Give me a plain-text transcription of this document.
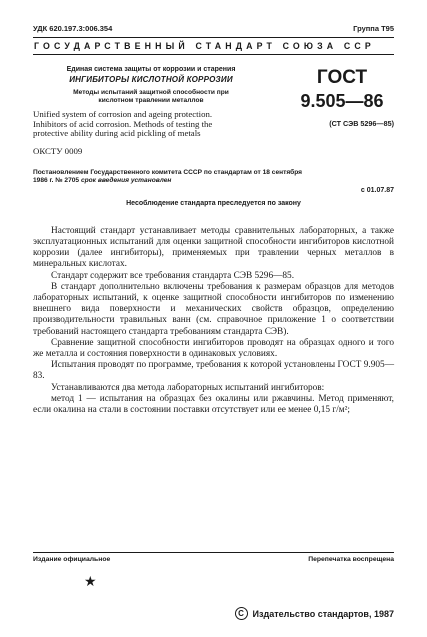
УДК 620.197.3:006.354	Группа Т95
ГОСУДАРСТВЕННЫЙ СТАНДАРТ СОЮЗА ССР
Единая система защиты от коррозии и старения
ИНГИБИТОРЫ КИСЛОТНОЙ КОРРОЗИИ
Методы испытаний защитной способности при
кислотном травлении металлов
Unified system of corrosion and ageing protection.
Inhibitors of acid corrosion. Methods of testing the
protective ability during acid pickling of metals
ОКСТУ 0009
ГОСТ
9.505—86
(СТ СЭВ 5296—85)
Постановлением Государственного комитета СССР по стандартам от 18 сентября
1986 г. № 2705 срок введения установлен
с 01.07.87
Несоблюдение стандарта преследуется по закону

Настоящий стандарт устанавливает методы сравнительных лабораторных, а также эксплуатационных испытаний для оценки защитной способности ингибиторов кислотной коррозии (далее ингибиторы), применяемых при травлении черных металлов в минеральных кислотах.

Стандарт содержит все требования стандарта СЭВ 5296—85.

В стандарт дополнительно включены требования к размерам образцов для методов лабораторных испытаний, к оценке защитной способности ингибиторов по изменению внешнего вида поверхности и механических свойств образцов, определению производительности травильных ванн (см. справочное приложение 1 о соответствии требований настоящего стандарта требованиям стандарта СЭВ).

Сравнение защитной способности ингибиторов проводят на образцах одного и того же металла и состояния поверхности в одинаковых условиях.

Испытания проводят по программе, требования к которой установлены ГОСТ 9.905—83.

Устанавливаются два метода лабораторных испытаний ингибиторов:

метод 1 — испытания на образцах без окалины или ржавчины. Метод применяют, если окалина на стали в состоянии поставки отсутствует или ее менее 0,15 г/м²;

Издание официальное	Перепечатка воспрещена
★
C Издательство стандартов, 1987
